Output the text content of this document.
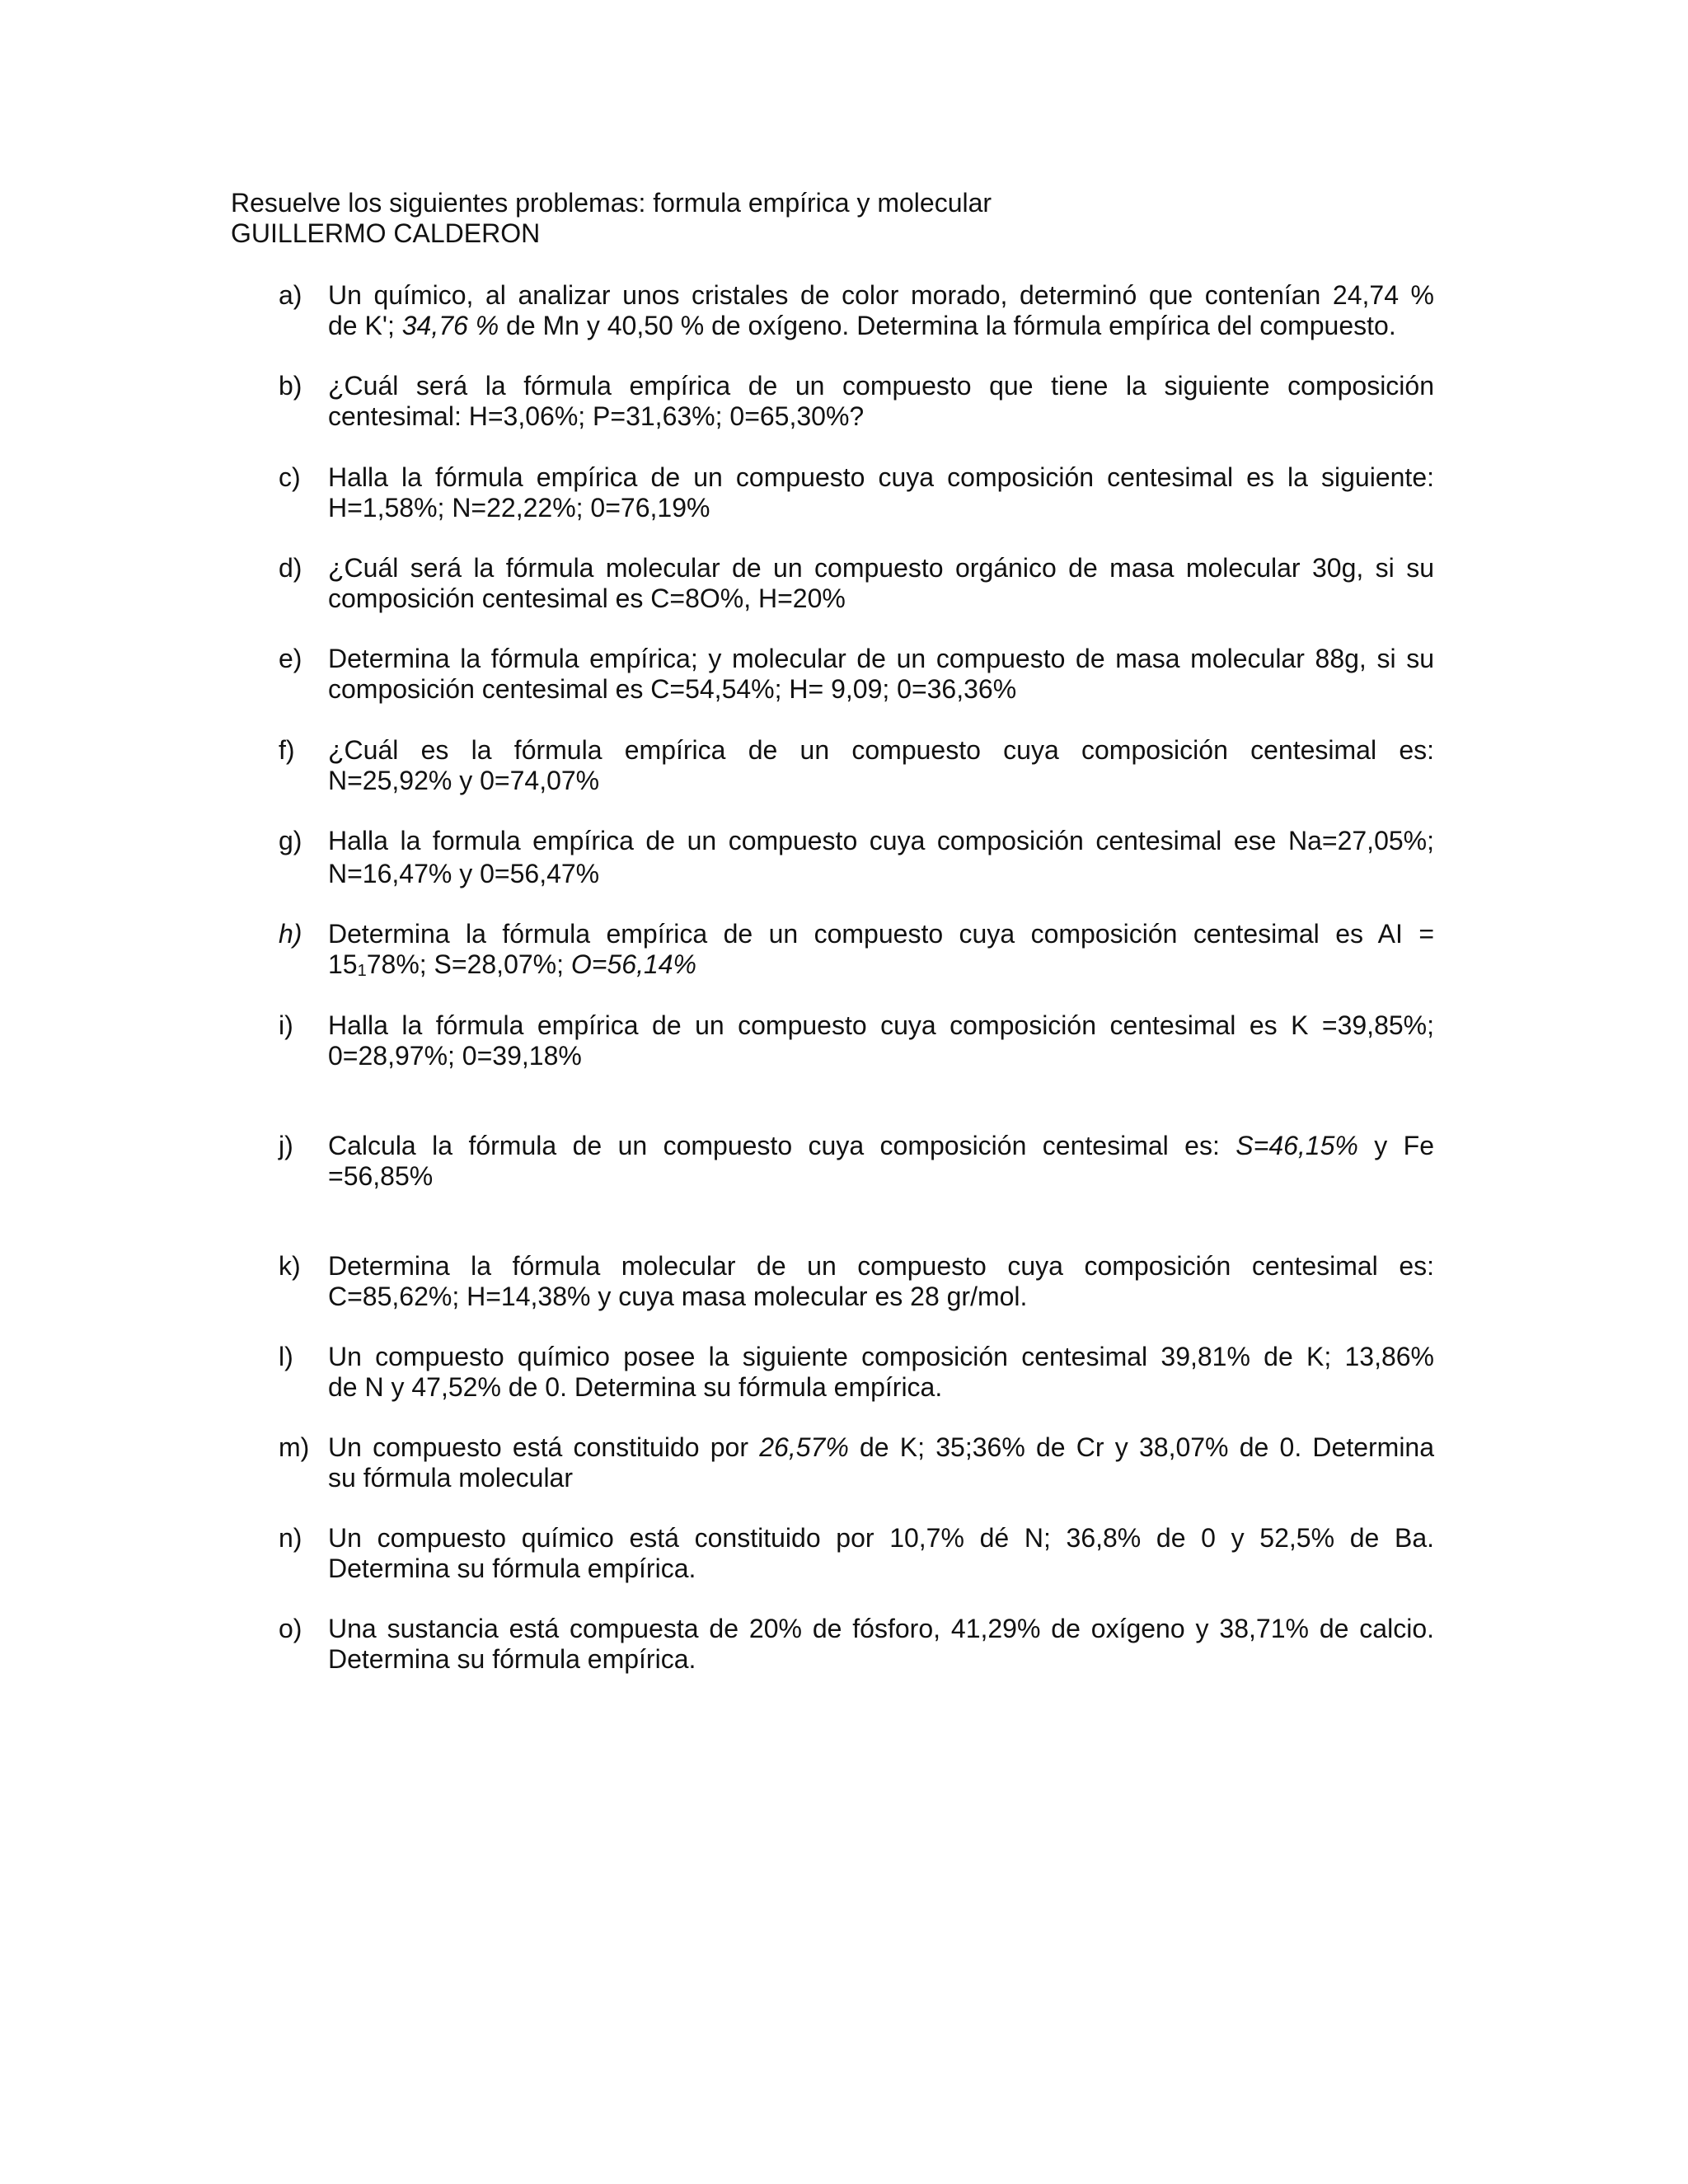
Resuelve los siguientes problemas: formula empírica y molecular
GUILLERMO CALDERON
a) Un químico, al analizar unos cristales de color morado, determinó que contenían 24,74 %
de K'; 34,76 % de Mn y 40,50 % de oxígeno. Determina la fórmula empírica del compuesto.
b) ¿Cuál será la fórmula empírica de un compuesto que tiene la siguiente composición
centesimal: H=3,06%; P=31,63%; 0=65,30%?
c)	Halla la fórmula empírica de un compuesto cuya composición centesimal es la siguiente:
H=1,58%; N=22,22%; 0=76,19%
d) ¿Cuál será la fórmula molecular de un compuesto orgánico de masa molecular 30g, si su
composición centesimal es C=8O%, H=20%
e) Determina la fórmula empírica; y molecular de un compuesto de masa molecular 88g, si su
composición centesimal es C=54,54%; H= 9,09; 0=36,36%
f)	¿Cuál es la fórmula empírica de un compuesto cuya composición centesimal es:
N=25,92% y 0=74,07%
g) Halla la formula empírica de un compuesto cuya composición centesimal ese Na=27,05%;
N=16,47% y 0=56,47%
h) Determina la fórmula empírica de un compuesto cuya composición centesimal es AI =
15178%; S=28,07%; O=56,14%
i)	Halla la fórmula empírica de un compuesto cuya composición centesimal es K =39,85%;
0=28,97%; 0=39,18%
j)	Calcula la fórmula de un compuesto cuya composición centesimal es: S=46,15% y Fe
=56,85%
k)	Determina la fórmula molecular de un compuesto cuya composición centesimal es:
C=85,62%; H=14,38% y cuya masa molecular es 28 gr/mol.
l)	Un compuesto químico posee la siguiente composición centesimal 39,81% de K; 13,86%
de N y 47,52% de 0. Determina su fórmula empírica.
m) Un compuesto está constituido por 26,57% de K; 35;36% de Cr y 38,07% de 0. Determina
su fórmula molecular
n) Un compuesto químico está constituido por 10,7% dé N; 36,8% de 0 y 52,5% de Ba.
Determina su fórmula empírica.
o) Una sustancia está compuesta de 20% de fósforo, 41,29% de oxígeno y 38,71% de calcio.
Determina su fórmula empírica.
